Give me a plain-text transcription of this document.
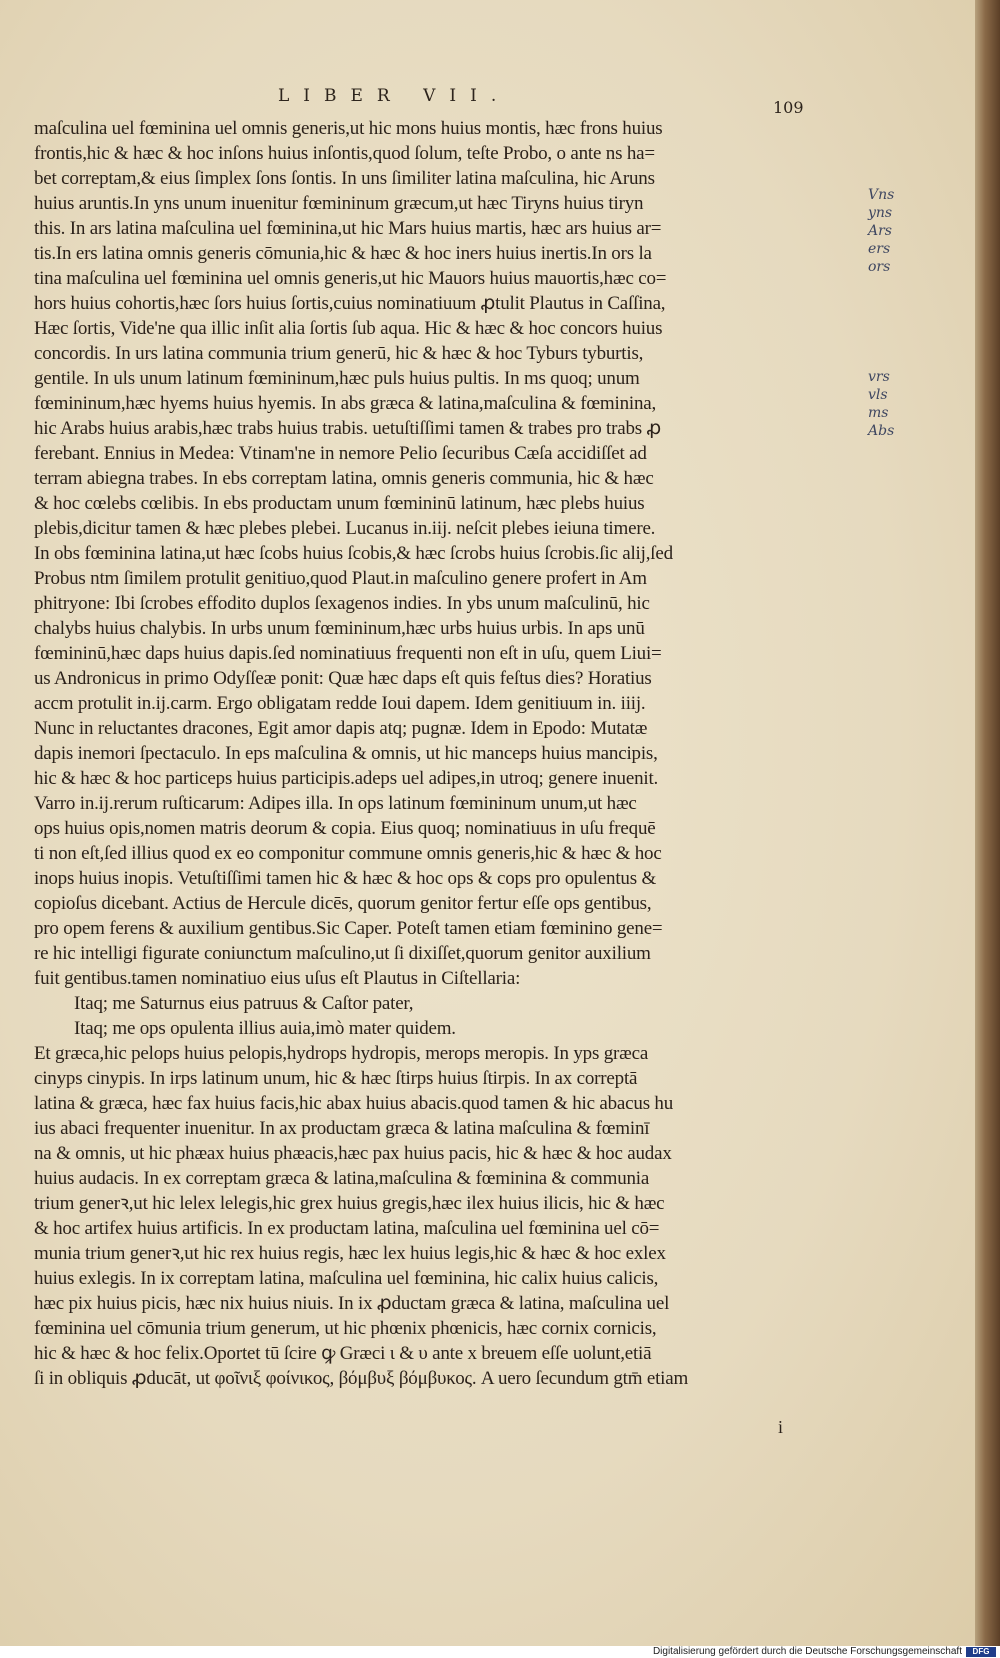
LIBER VII.
109
maſculina uel fœminina uel omnis generis,ut hic mons huius montis, hæc frons huius
frontis,hic & hæc & hoc inſons huius inſontis,quod ſolum, teſte Probo, o ante ns ha=
bet correptam,& eius ſimplex ſons ſontis. In uns ſimiliter latina maſculina, hic Aruns
huius aruntis.In yns unum inuenitur fœmininum græcum,ut hæc Tiryns huius tiryn
this. In ars latina maſculina uel fœminina,ut hic Mars huius martis, hæc ars huius ar=
tis.In ers latina omnis generis cōmunia,hic & hæc & hoc iners huius inertis.In ors la
tina maſculina uel fœminina uel omnis generis,ut hic Mauors huius mauortis,hæc co=
hors huius cohortis,hæc ſors huius ſortis,cuius nominatiuum ꝓtulit Plautus in Caſſina,
Hæc ſortis, Vide'ne qua illic inſit alia ſortis ſub aqua. Hic & hæc & hoc concors huius
concordis. In urs latina communia trium generū, hic & hæc & hoc Tyburs tyburtis,
gentile. In uls unum latinum fœmininum,hæc puls huius pultis. In ms quoq; unum
fœmininum,hæc hyems huius hyemis. In abs græca & latina,maſculina & fœminina,
hic Arabs huius arabis,hæc trabs huius trabis. uetuſtiſſimi tamen & trabes pro trabs ꝓ
ferebant. Ennius in Medea: Vtinam'ne in nemore Pelio ſecuribus Cæſa accidiſſet ad
terram abiegna trabes. In ebs correptam latina, omnis generis communia, hic & hæc
& hoc cœlebs cœlibis. In ebs productam unum fœmininū latinum, hæc plebs huius
plebis,dicitur tamen & hæc plebes plebei. Lucanus in.iij. neſcit plebes ieiuna timere.
In obs fœminina latina,ut hæc ſcobs huius ſcobis,& hæc ſcrobs huius ſcrobis.ſic alij,ſed
Probus ntm ſimilem protulit genitiuo,quod Plaut.in maſculino genere profert in Am
phitryone: Ibi ſcrobes effodito duplos ſexagenos indies. In ybs unum maſculinū, hic
chalybs huius chalybis. In urbs unum fœmininum,hæc urbs huius urbis. In aps unū
fœmininū,hæc daps huius dapis.ſed nominatiuus frequenti non eſt in uſu, quem Liui=
us Andronicus in primo Odyſſeæ ponit: Quæ hæc daps eſt quis feſtus dies? Horatius
accm protulit in.ij.carm. Ergo obligatam redde Ioui dapem. Idem genitiuum in. iiij.
Nunc in reluctantes dracones, Egit amor dapis atq; pugnæ. Idem in Epodo: Mutatæ
dapis inemori ſpectaculo. In eps maſculina & omnis, ut hic manceps huius mancipis,
hic & hæc & hoc particeps huius participis.adeps uel adipes,in utroq; genere inuenit.
Varro in.ij.rerum ruſticarum: Adipes illa. In ops latinum fœmininum unum,ut hæc
ops huius opis,nomen matris deorum & copia. Eius quoq; nominatiuus in uſu frequē
ti non eſt,ſed illius quod ex eo componitur commune omnis generis,hic & hæc & hoc
inops huius inopis. Vetuſtiſſimi tamen hic & hæc & hoc ops & cops pro opulentus &
copioſus dicebant. Actius de Hercule dicēs, quorum genitor fertur eſſe ops gentibus,
pro opem ferens & auxilium gentibus.Sic Caper. Poteſt tamen etiam fœminino gene=
re hic intelligi figurate coniunctum maſculino,ut ſi dixiſſet,quorum genitor auxilium
fuit gentibus.tamen nominatiuo eius uſus eſt Plautus in Ciſtellaria:
Itaq; me Saturnus eius patruus & Caſtor pater,
Itaq; me ops opulenta illius auia,imò mater quidem.
Et græca,hic pelops huius pelopis,hydrops hydropis, merops meropis. In yps græca
cinyps cinypis. In irps latinum unum, hic & hæc ſtirps huius ſtirpis. In ax correptā
latina & græca, hæc fax huius facis,hic abax huius abacis.quod tamen & hic abacus hu
ius abaci frequenter inuenitur. In ax productam græca & latina maſculina & fœminī
na & omnis, ut hic phæax huius phæacis,hæc pax huius pacis, hic & hæc & hoc audax
huius audacis. In ex correptam græca & latina,maſculina & fœminina & communia
trium generꝛ,ut hic lelex lelegis,hic grex huius gregis,hæc ilex huius ilicis, hic & hæc
& hoc artifex huius artificis. In ex productam latina, maſculina uel fœminina uel cō=
munia trium generꝛ,ut hic rex huius regis, hæc lex huius legis,hic & hæc & hoc exlex
huius exlegis. In ix correptam latina, maſculina uel fœminina, hic calix huius calicis,
hæc pix huius picis, hæc nix huius niuis. In ix ꝓductam græca & latina, maſculina uel
fœminina uel cōmunia trium generum, ut hic phœnix phœnicis, hæc cornix cornicis,
hic & hæc & hoc felix.Oportet tū ſcire ꝙ Græci ι & υ ante x breuem eſſe uolunt,etiā
ſi in obliquis ꝓducāt, ut φοῖνιξ φοίνικος, βόμβυξ βόμβυκος. A uero ſecundum gtm̄ etiam
Vns
yns
Ars
ers
ors
vrs
vls
ms
Abs
i
Digitalisierung gefördert durch die Deutsche Forschungsgemeinschaft	DFG
